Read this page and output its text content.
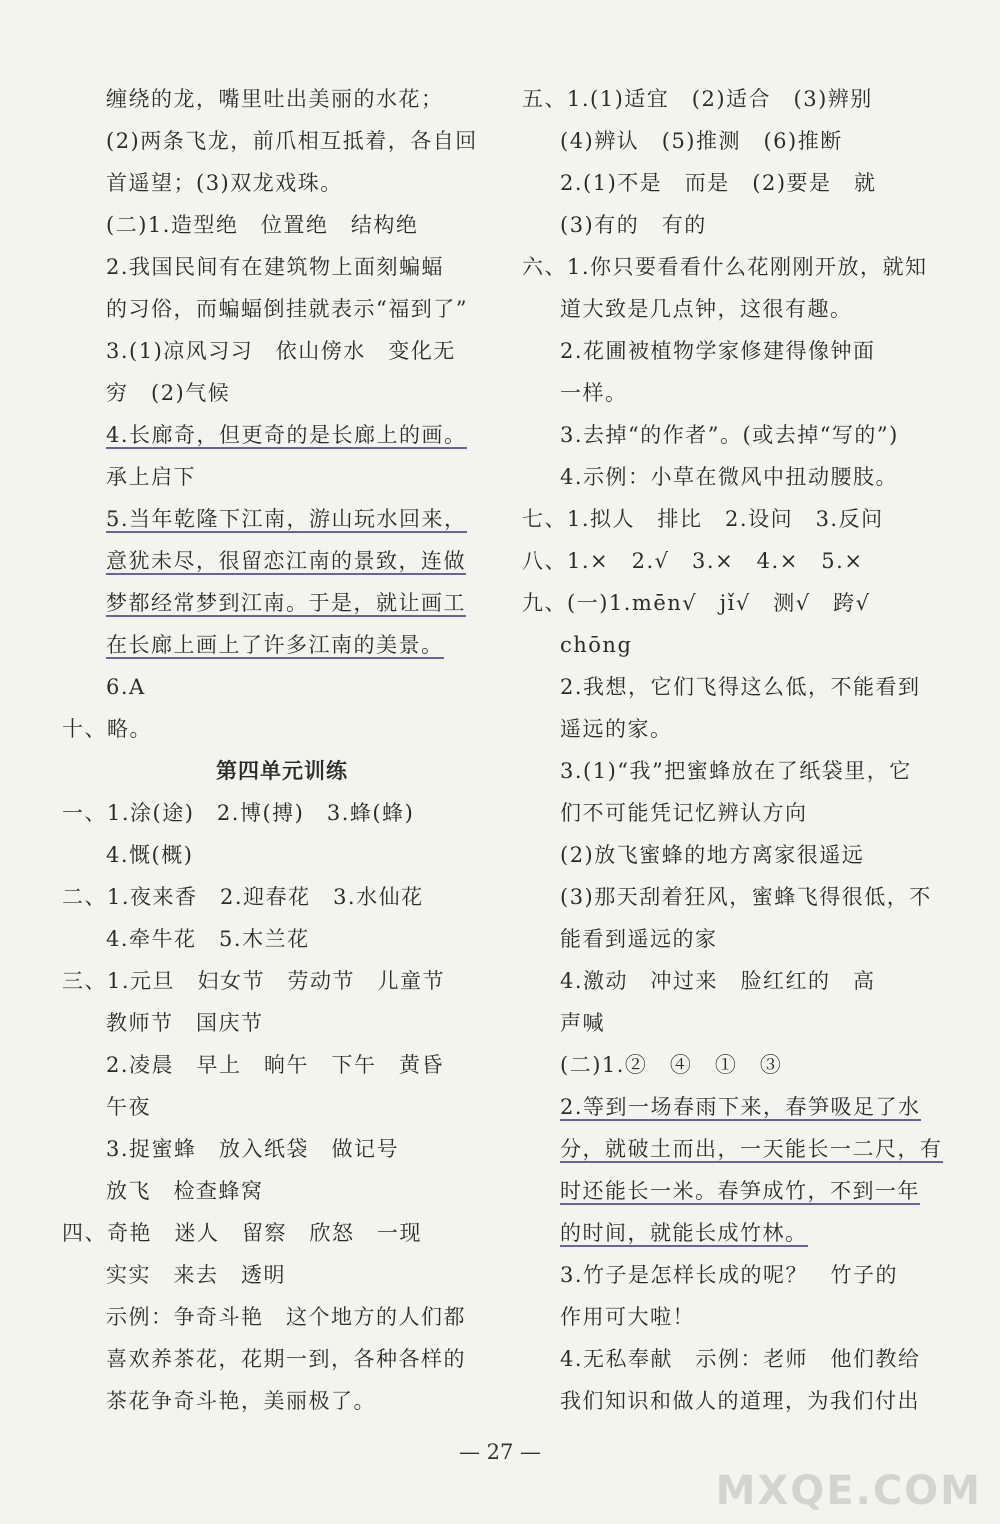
缠绕的龙，嘴里吐出美丽的水花；
(2)两条飞龙，前爪相互抵着，各自回
首遥望；(3)双龙戏珠。
(二)1.造型绝　位置绝　结构绝
2.我国民间有在建筑物上面刻蝙蝠
的习俗，而蝙蝠倒挂就表示“福到了”
3.(1)凉风习习　依山傍水　变化无
穷　(2)气候
4.长廊奇，但更奇的是长廊上的画。
承上启下
5.当年乾隆下江南，游山玩水回来，
意犹未尽，很留恋江南的景致，连做
梦都经常梦到江南。于是，就让画工
在长廊上画上了许多江南的美景。
6.A
十、略。
第四单元训练
一、1.涂(途)　2.博(搏)　3.蜂(蜂)
4.慨(概)
二、1.夜来香　2.迎春花　3.水仙花
4.牵牛花　5.木兰花
三、1.元旦　妇女节　劳动节　儿童节
教师节　国庆节
2.凌晨　早上　晌午　下午　黄昏
午夜
3.捉蜜蜂　放入纸袋　做记号
放飞　检查蜂窝
四、奇艳　迷人　留察　欣怒　一现
实实　来去　透明
示例：争奇斗艳　这个地方的人们都
喜欢养茶花，花期一到，各种各样的
茶花争奇斗艳，美丽极了。
五、1.(1)适宜　(2)适合　(3)辨别
(4)辨认　(5)推测　(6)推断
2.(1)不是　而是　(2)要是　就
(3)有的　有的
六、1.你只要看看什么花刚刚开放，就知
道大致是几点钟，这很有趣。
2.花圃被植物学家修建得像钟面
一样。
3.去掉“的作者”。(或去掉“写的”)
4.示例：小草在微风中扭动腰肢。
七、1.拟人　排比　2.设问　3.反问
八、1.×　2.√　3.×　4.×　5.×
九、(一)1.mēn√　jǐ√　测√　跨√
chōng
2.我想，它们飞得这么低，不能看到
遥远的家。
3.(1)“我”把蜜蜂放在了纸袋里，它
们不可能凭记忆辨认方向
(2)放飞蜜蜂的地方离家很遥远
(3)那天刮着狂风，蜜蜂飞得很低，不
能看到遥远的家
4.激动　冲过来　脸红红的　高
声喊
(二)1.②　④　①　③
2.等到一场春雨下来，春笋吸足了水
分，就破土而出，一天能长一二尺，有
时还能长一米。春笋成竹，不到一年
的时间，就能长成竹林。
3.竹子是怎样长成的呢？　竹子的
作用可大啦！
4.无私奉献　示例：老师　他们教给
我们知识和做人的道理，为我们付出
— 27 —
MXQE.COM
